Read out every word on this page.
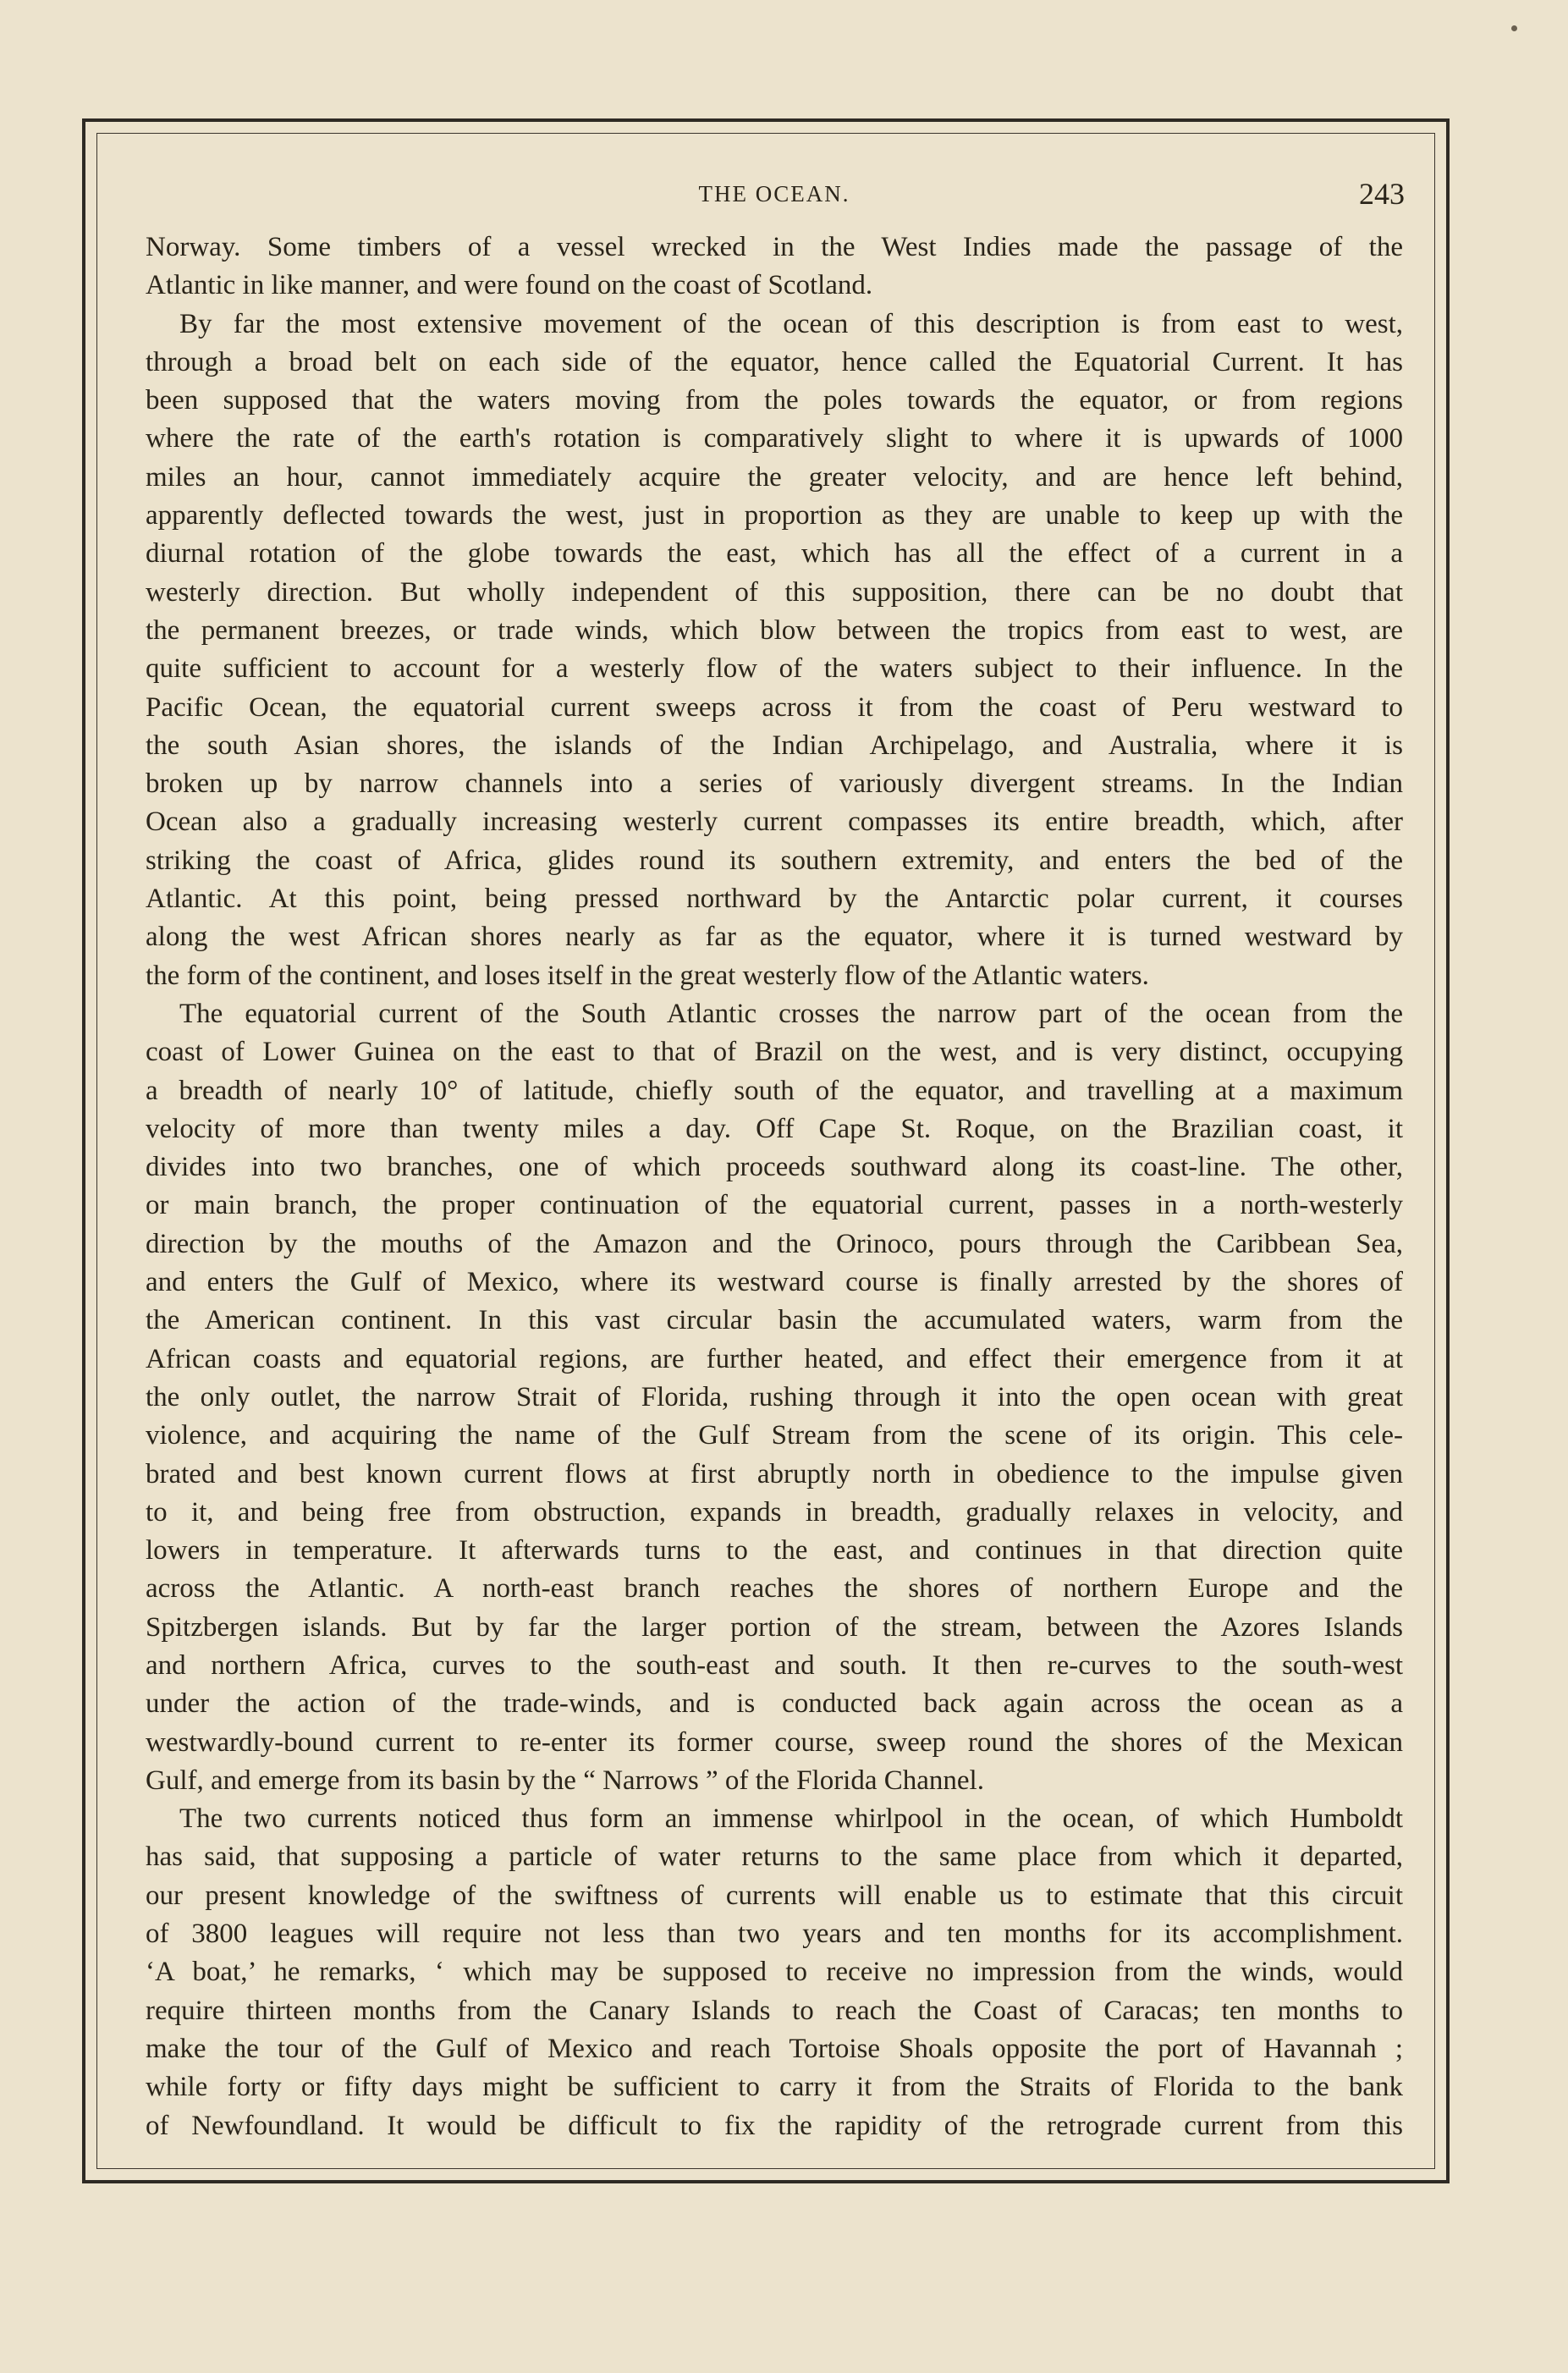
THE OCEAN.	243
Norway. Some timbers of a vessel wrecked in the West Indies made the passage of the
Atlantic in like manner, and were found on the coast of Scotland.
By far the most extensive movement of the ocean of this description is from east to west,
through a broad belt on each side of the equator, hence called the Equatorial Current. It has
been supposed that the waters moving from the poles towards the equator, or from regions
where the rate of the earth's rotation is comparatively slight to where it is upwards of 1000
miles an hour, cannot immediately acquire the greater velocity, and are hence left behind,
apparently deflected towards the west, just in proportion as they are unable to keep up with the
diurnal rotation of the globe towards the east, which has all the effect of a current in a
westerly direction. But wholly independent of this supposition, there can be no doubt that
the permanent breezes, or trade winds, which blow between the tropics from east to west, are
quite sufficient to account for a westerly flow of the waters subject to their influence. In the
Pacific Ocean, the equatorial current sweeps across it from the coast of Peru westward to
the south Asian shores, the islands of the Indian Archipelago, and Australia, where it is
broken up by narrow channels into a series of variously divergent streams. In the Indian
Ocean also a gradually increasing westerly current compasses its entire breadth, which, after
striking the coast of Africa, glides round its southern extremity, and enters the bed of the
Atlantic. At this point, being pressed northward by the Antarctic polar current, it courses
along the west African shores nearly as far as the equator, where it is turned westward by
the form of the continent, and loses itself in the great westerly flow of the Atlantic waters.
The equatorial current of the South Atlantic crosses the narrow part of the ocean from the
coast of Lower Guinea on the east to that of Brazil on the west, and is very distinct, occupying
a breadth of nearly 10° of latitude, chiefly south of the equator, and travelling at a maximum
velocity of more than twenty miles a day. Off Cape St. Roque, on the Brazilian coast, it
divides into two branches, one of which proceeds southward along its coast-line. The other,
or main branch, the proper continuation of the equatorial current, passes in a north-westerly
direction by the mouths of the Amazon and the Orinoco, pours through the Caribbean Sea,
and enters the Gulf of Mexico, where its westward course is finally arrested by the shores of
the American continent. In this vast circular basin the accumulated waters, warm from the
African coasts and equatorial regions, are further heated, and effect their emergence from it at
the only outlet, the narrow Strait of Florida, rushing through it into the open ocean with great
violence, and acquiring the name of the Gulf Stream from the scene of its origin. This cele-
brated and best known current flows at first abruptly north in obedience to the impulse given
to it, and being free from obstruction, expands in breadth, gradually relaxes in velocity, and
lowers in temperature. It afterwards turns to the east, and continues in that direction quite
across the Atlantic. A north-east branch reaches the shores of northern Europe and the
Spitzbergen islands. But by far the larger portion of the stream, between the Azores Islands
and northern Africa, curves to the south-east and south. It then re-curves to the south-west
under the action of the trade-winds, and is conducted back again across the ocean as a
westwardly-bound current to re-enter its former course, sweep round the shores of the Mexican
Gulf, and emerge from its basin by the “ Narrows ” of the Florida Channel.
The two currents noticed thus form an immense whirlpool in the ocean, of which Humboldt
has said, that supposing a particle of water returns to the same place from which it departed,
our present knowledge of the swiftness of currents will enable us to estimate that this circuit
of 3800 leagues will require not less than two years and ten months for its accomplishment.
‘A boat,’ he remarks, ‘ which may be supposed to receive no impression from the winds, would
require thirteen months from the Canary Islands to reach the Coast of Caracas; ten months to
make the tour of the Gulf of Mexico and reach Tortoise Shoals opposite the port of Havannah ;
while forty or fifty days might be sufficient to carry it from the Straits of Florida to the bank
of Newfoundland. It would be difficult to fix the rapidity of the retrograde current from this
